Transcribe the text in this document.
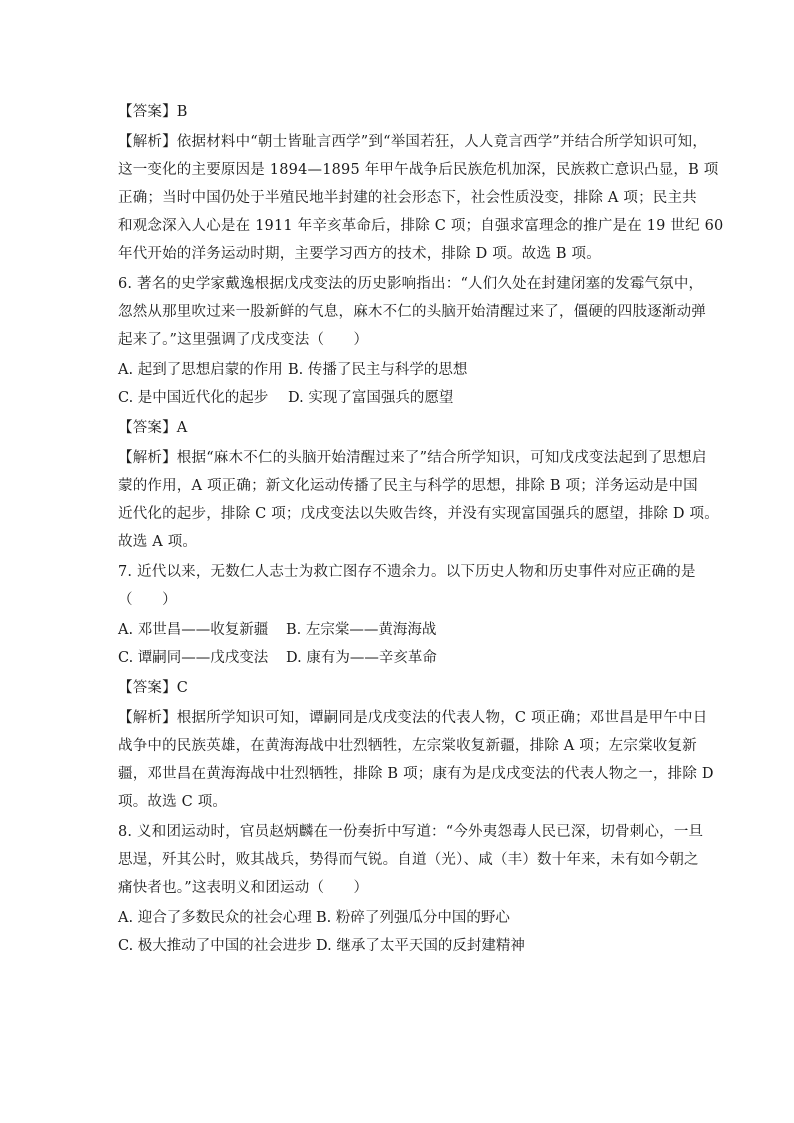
【答案】B
【解析】依据材料中“朝士皆耻言西学”到“举国若狂，人人竟言西学”并结合所学知识可知，
这一变化的主要原因是 1894—1895 年甲午战争后民族危机加深，民族救亡意识凸显，B 项
正确；当时中国仍处于半殖民地半封建的社会形态下，社会性质没变，排除 A 项；民主共
和观念深入人心是在 1911 年辛亥革命后，排除 C 项；自强求富理念的推广是在 19 世纪 60
年代开始的洋务运动时期，主要学习西方的技术，排除 D 项。故选 B 项。
6. 著名的史学家戴逸根据戊戌变法的历史影响指出：“人们久处在封建闭塞的发霉气氛中，
忽然从那里吹过来一股新鲜的气息，麻木不仁的头脑开始清醒过来了，僵硬的四肢逐渐动弹
起来了。”这里强调了戊戌变法（　　）
A. 起到了思想启蒙的作用 B. 传播了民主与科学的思想
C. 是中国近代化的起步	D. 实现了富国强兵的愿望
【答案】A
【解析】根据“麻木不仁的头脑开始清醒过来了”结合所学知识，可知戊戌变法起到了思想启
蒙的作用，A 项正确；新文化运动传播了民主与科学的思想，排除 B 项；洋务运动是中国
近代化的起步，排除 C 项；戊戌变法以失败告终，并没有实现富国强兵的愿望，排除 D 项。
故选 A 项。
7. 近代以来，无数仁人志士为救亡图存不遗余力。以下历史人物和历史事件对应正确的是
（　　）
A. 邓世昌——收复新疆	B. 左宗棠——黄海海战
C. 谭嗣同——戊戌变法	D. 康有为——辛亥革命
【答案】C
【解析】根据所学知识可知，谭嗣同是戊戌变法的代表人物，C 项正确；邓世昌是甲午中日
战争中的民族英雄，在黄海海战中壮烈牺牲，左宗棠收复新疆，排除 A 项；左宗棠收复新
疆，邓世昌在黄海海战中壮烈牺牲，排除 B 项；康有为是戊戌变法的代表人物之一，排除 D
项。故选 C 项。
8. 义和团运动时，官员赵炳麟在一份奏折中写道：“今外夷怨毒人民已深，切骨刺心，一旦
思逞，歼其公时，败其战兵，势得而气锐。自道（光）、咸（丰）数十年来，未有如今朝之
痛快者也。”这表明义和团运动（　　）
A. 迎合了多数民众的社会心理 B. 粉碎了列强瓜分中国的野心
C. 极大推动了中国的社会进步 D. 继承了太平天国的反封建精神
